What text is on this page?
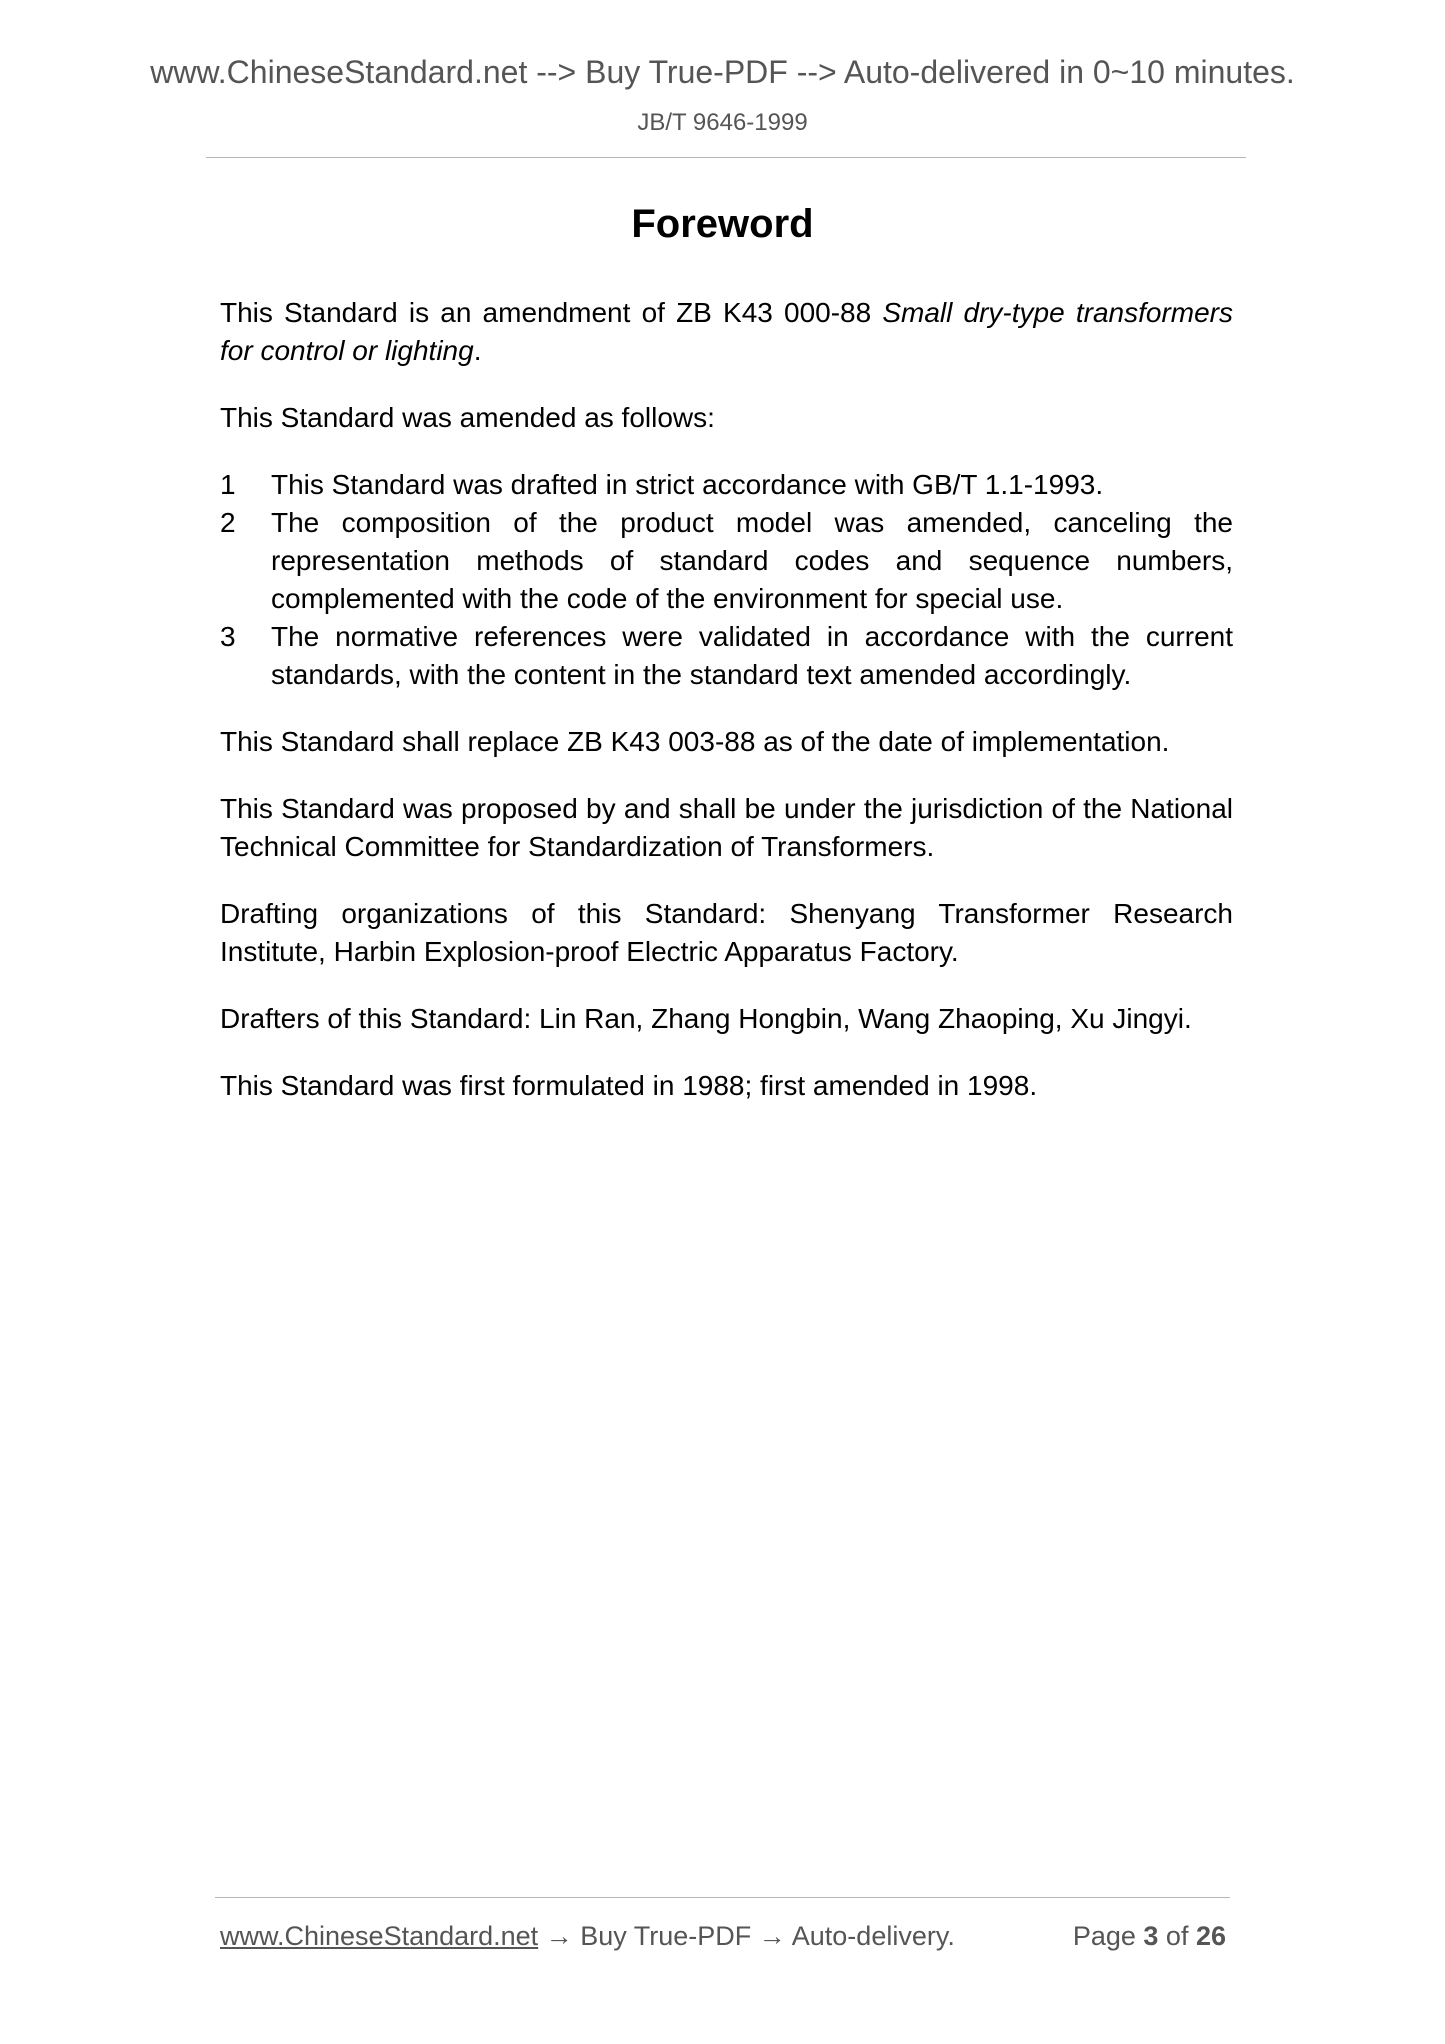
www.ChineseStandard.net --> Buy True-PDF --> Auto-delivered in 0~10 minutes.
JB/T 9646-1999
Foreword

This Standard is an amendment of ZB K43 000-88 Small dry-type transformers for control or lighting.

This Standard was amended as follows:

1	This Standard was drafted in strict accordance with GB/T 1.1-1993.
2	The composition of the product model was amended, canceling the representation methods of standard codes and sequence numbers, complemented with the code of the environment for special use.
3	The normative references were validated in accordance with the current standards, with the content in the standard text amended accordingly.

This Standard shall replace ZB K43 003-88 as of the date of implementation.

This Standard was proposed by and shall be under the jurisdiction of the National Technical Committee for Standardization of Transformers.

Drafting organizations of this Standard: Shenyang Transformer Research Institute, Harbin Explosion-proof Electric Apparatus Factory.

Drafters of this Standard: Lin Ran, Zhang Hongbin, Wang Zhaoping, Xu Jingyi.

This Standard was first formulated in 1988; first amended in 1998.

www.ChineseStandard.net → Buy True-PDF → Auto-delivery.	Page 3 of 26
